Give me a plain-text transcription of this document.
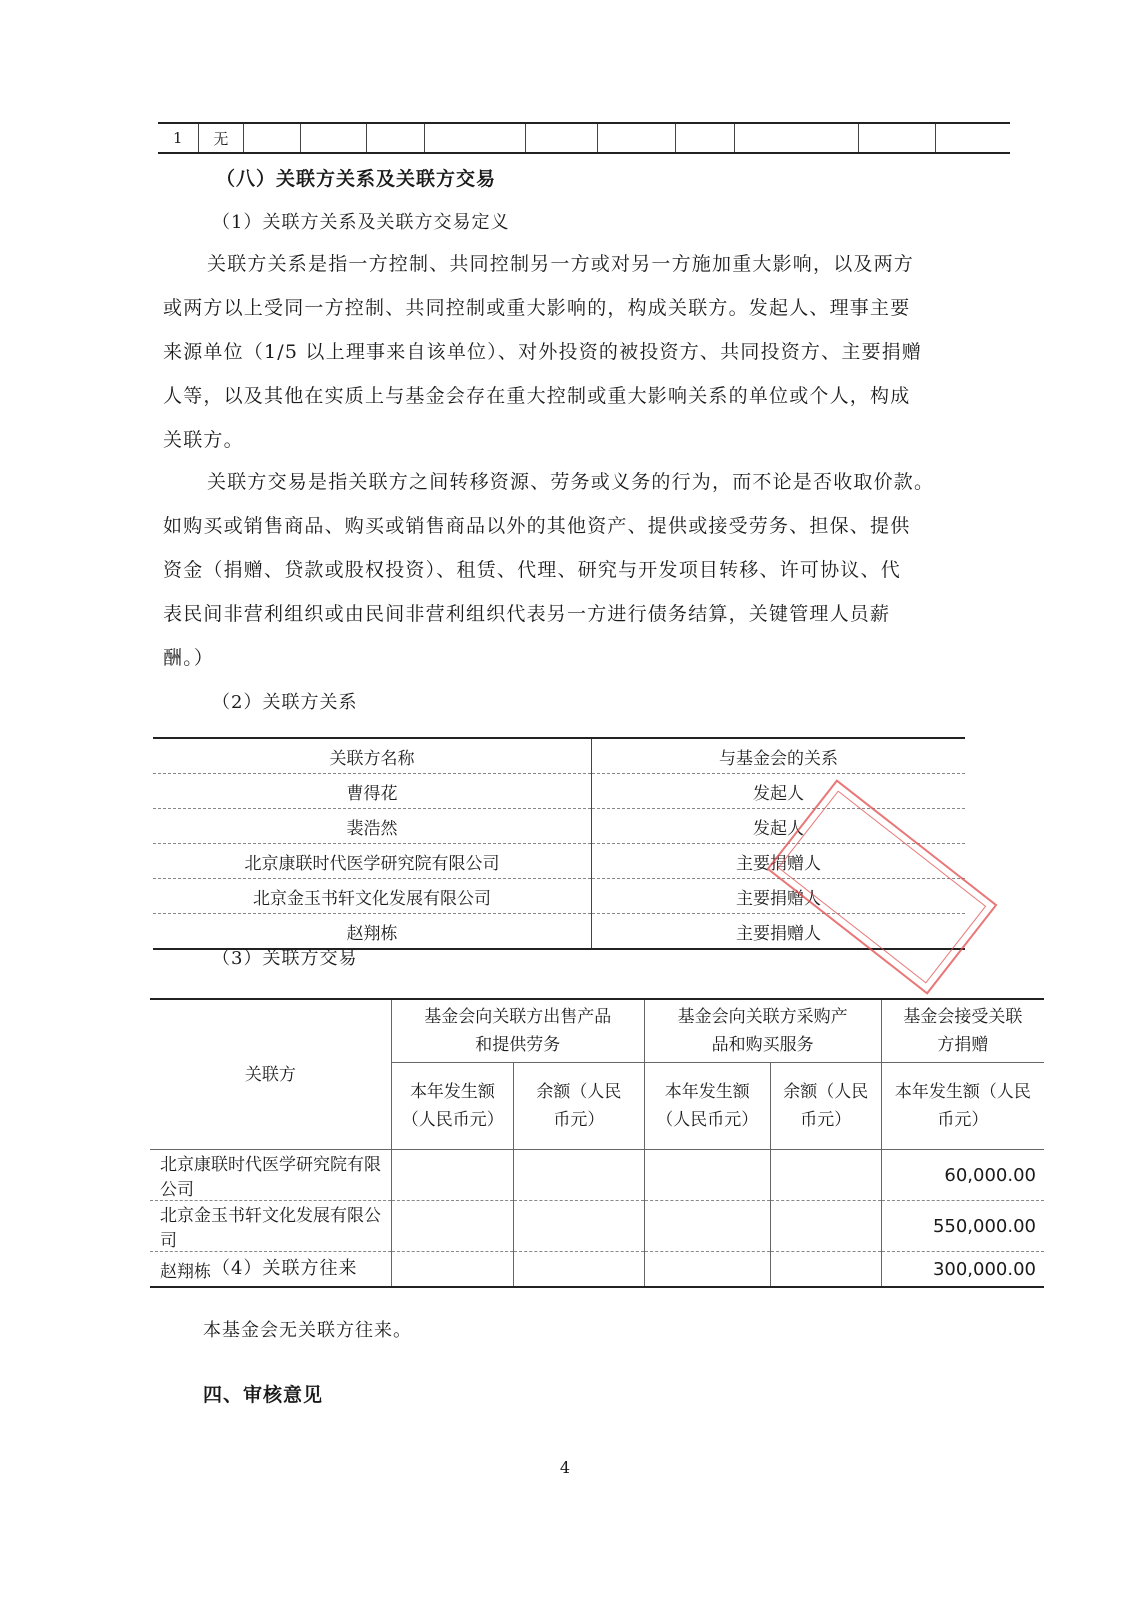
1	无										
（八）关联方关系及关联方交易
（1）关联方关系及关联方交易定义
关联方关系是指一方控制、共同控制另一方或对另一方施加重大影响，以及两方
或两方以上受同一方控制、共同控制或重大影响的，构成关联方。发起人、理事主要
来源单位（1/5 以上理事来自该单位）、对外投资的被投资方、共同投资方、主要捐赠
人等，以及其他在实质上与基金会存在重大控制或重大影响关系的单位或个人，构成
关联方。
关联方交易是指关联方之间转移资源、劳务或义务的行为，而不论是否收取价款。
如购买或销售商品、购买或销售商品以外的其他资产、提供或接受劳务、担保、提供
资金（捐赠、贷款或股权投资）、租赁、代理、研究与开发项目转移、许可协议、代
表民间非营利组织或由民间非营利组织代表另一方进行债务结算，关键管理人员薪
酬。）
（2）关联方关系
关联方名称	与基金会的关系
曹得花	发起人
裴浩然	发起人
北京康联时代医学研究院有限公司	主要捐赠人
北京金玉书轩文化发展有限公司	主要捐赠人
赵翔栋	主要捐赠人
（3）关联方交易
关联方	基金会向关联方出售产品和提供劳务		基金会向关联方采购产品和购买服务		基金会接受关联方捐赠
	本年发生额（人民币元）	余额（人民币元）	本年发生额（人民币元）	余额（人民币元）	本年发生额（人民币元）
北京康联时代医学研究院有限公司					60,000.00
北京金玉书轩文化发展有限公司					550,000.00
赵翔栋					300,000.00
（4）关联方往来
本基金会无关联方往来。
四、审核意见
4
